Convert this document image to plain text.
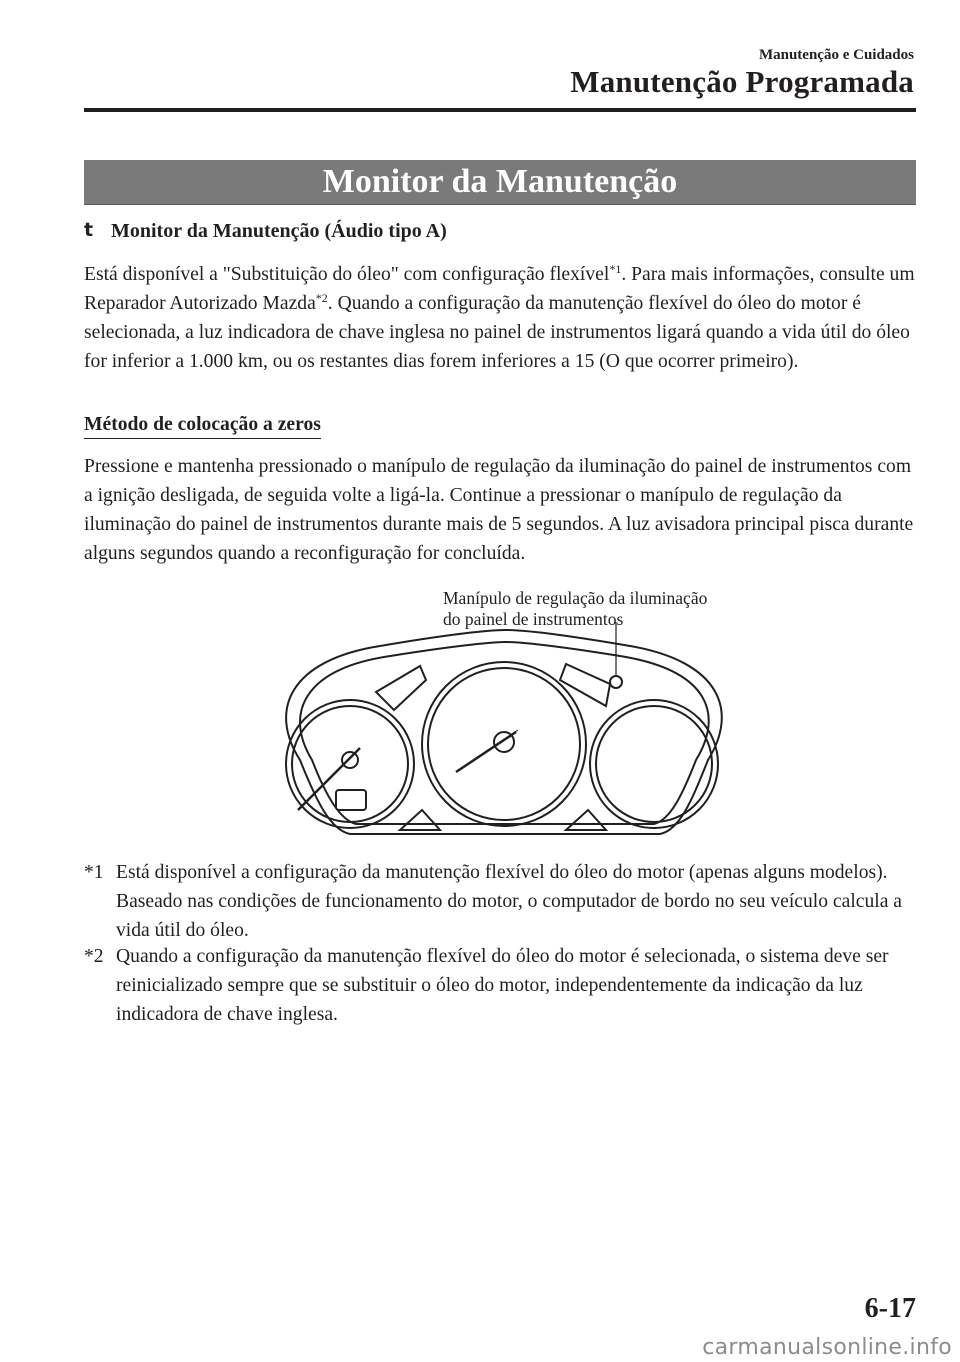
Manutenção e Cuidados
Manutenção Programada
Monitor da Manutenção
t Monitor da Manutenção (Áudio tipo A)

Está disponível a "Substituição do óleo" com configuração flexível$^{*1}$. Para mais informações, consulte um Reparador Autorizado Mazda$^{*2}$. Quando a configuração da manutenção flexível do óleo do motor é selecionada, a luz indicadora de chave inglesa no painel de instrumentos ligará quando a vida útil do óleo for inferior a 1.000 km, ou os restantes dias forem inferiores a 15 (O que ocorrer primeiro).

Método de colocação a zeros

Pressione e mantenha pressionado o manípulo de regulação da iluminação do painel de instrumentos com a ignição desligada, de seguida volte a ligá-la. Continue a pressionar o manípulo de regulação da iluminação do painel de instrumentos durante mais de 5 segundos. A luz avisadora principal pisca durante alguns segundos quando a reconfiguração for concluída.

Manípulo de regulação da iluminação
do painel de instrumentos
*1 Está disponível a configuração da manutenção flexível do óleo do motor (apenas alguns modelos). Baseado nas condições de funcionamento do motor, o computador de bordo no seu veículo calcula a vida útil do óleo.
*2 Quando a configuração da manutenção flexível do óleo do motor é selecionada, o sistema deve ser reinicializado sempre que se substituir o óleo do motor, independentemente da indicação da luz indicadora de chave inglesa.
6-17
carmanualsonline.info
